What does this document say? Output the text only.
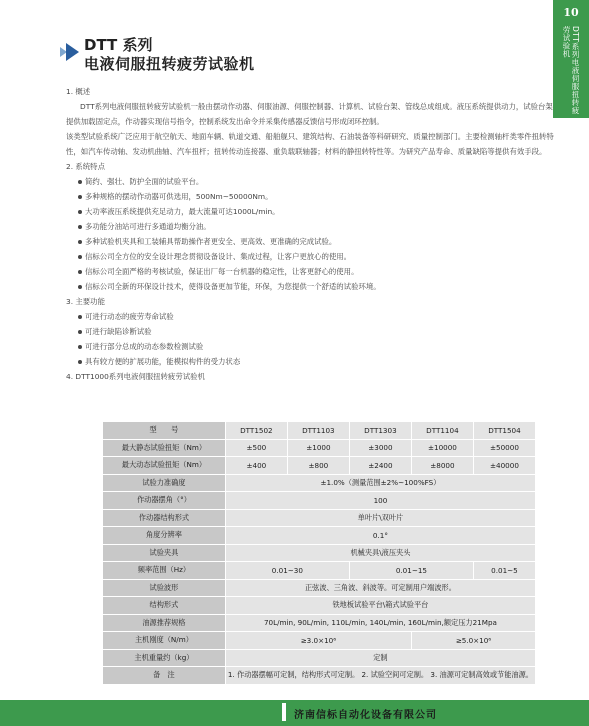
10
DTT系列电液伺服扭转疲劳试验机
DTT 系列
电液伺服扭转疲劳试验机
1. 概述
DTT系列电液伺服扭转疲劳试验机一般由摆动作动器、伺服油源、伺服控制器、计算机、试验台架、管线总成组成。液压系统提供动力，试验台架提供加载固定点，作动器实现信号指令，控制系统发出命令并采集传感器反馈信号形成闭环控制。
该类型试验系统广泛应用于航空航天、地面车辆、轨道交通、船舶舰只、建筑结构、石油装备等科研研究、质量控制部门。主要检测轴杆类零件扭转特性，如汽车传动轴、发动机曲轴、汽车扭杆；扭转传动连接器、重负载联轴器；材料的静扭转特性等。为研究产品寿命、质量缺陷等提供有效手段。
2. 系统特点
简约、强壮、防护全面的试验平台。
多种规格的摆动作动器可供选用，500Nm~50000Nm。
大功率液压系统提供充足动力，最大流量可达1000L/min。
多功能分油站可进行多通道均衡分油。
多种试验机夹具和工装辅具帮助操作者更安全、更高效、更准确的完成试验。
信标公司全方位的安全设计理念贯彻设备设计、集成过程，让客户更放心的使用。
信标公司全面严格的考核试验，保证出厂每一台机器的稳定性，让客更舒心的使用。
信标公司全新的环保设计技术，使得设备更加节能，环保，为您提供一个舒适的试验环境。
3. 主要功能
可进行动态的疲劳寿命试验
可进行缺陷诊断试验
可进行部分总成的动态参数检测试验
具有较方便的扩展功能，能模拟构件的受力状态
4. DTT1000系列电液伺服扭转疲劳试验机
型　　号	DTT1502	DTT1103	DTT1303	DTT1104	DTT1504
最大静态试验扭矩（Nm）	±500	±1000	±3000	±10000	±50000
最大动态试验扭矩（Nm）	±400	±800	±2400	±8000	±40000
试验力准确度	±1.0%（测量范围±2%~100%FS）				
作动器摆角（°）	100				
作动器结构形式	单叶片\双叶片				
角度分辨率	0.1°				
试验夹具	机械夹具\液压夹头				
频率范围（Hz）	0.01~30		0.01~15		0.01~5
试验波形	正弦波、三角波、斜波等。可定制用户端波形。				
结构形式	铁地板试验平台\箱式试验平台				
油源推荐规格	70L/min, 90L/min, 110L/min, 140L/min, 160L/min,额定压力21Mpa				
主机刚度（N/m）	≥3.0×10⁶			≥5.0×10⁶	
主机重量约（kg）	定制				
备　注	1. 作动器摆幅可定制，结构形式可定制。 2. 试验空间可定制。 3. 油源可定制高效或节能油源。				
济南信标自动化设备有限公司
